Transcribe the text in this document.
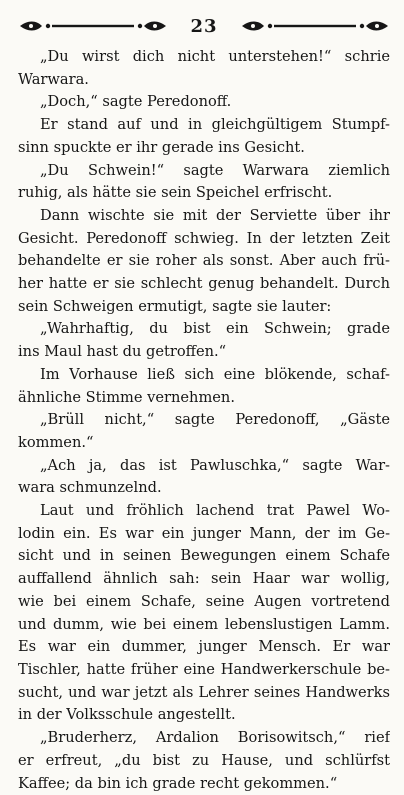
23
„Du wirst dich nicht unterstehen!“ schrie
Warwara.
„Doch,“ sagte Peredonoff.
Er stand auf und in gleichgültigem Stumpf-
sinn spuckte er ihr gerade ins Gesicht.
„Du Schwein!“ sagte Warwara ziemlich
ruhig, als hätte sie sein Speichel erfrischt.
Dann wischte sie mit der Serviette über ihr
Gesicht. Peredonoff schwieg. In der letzten Zeit
behandelte er sie roher als sonst. Aber auch frü-
her hatte er sie schlecht genug behandelt. Durch
sein Schweigen ermutigt, sagte sie lauter:
„Wahrhaftig, du bist ein Schwein; grade
ins Maul hast du getroffen.“
Im Vorhause ließ sich eine blökende, schaf-
ähnliche Stimme vernehmen.
„Brüll nicht,“ sagte Peredonoff, „Gäste
kommen.“
„Ach ja, das ist Pawluschka,“ sagte War-
wara schmunzelnd.
Laut und fröhlich lachend trat Pawel Wo-
lodin ein. Es war ein junger Mann, der im Ge-
sicht und in seinen Bewegungen einem Schafe
auffallend ähnlich sah: sein Haar war wollig,
wie bei einem Schafe, seine Augen vortretend
und dumm, wie bei einem lebenslustigen Lamm.
Es war ein dummer, junger Mensch. Er war
Tischler, hatte früher eine Handwerkerschule be-
sucht, und war jetzt als Lehrer seines Handwerks
in der Volksschule angestellt.
„Bruderherz, Ardalion Borisowitsch,“ rief
er erfreut, „du bist zu Hause, und schlürfst
Kaffee; da bin ich grade recht gekommen.“
